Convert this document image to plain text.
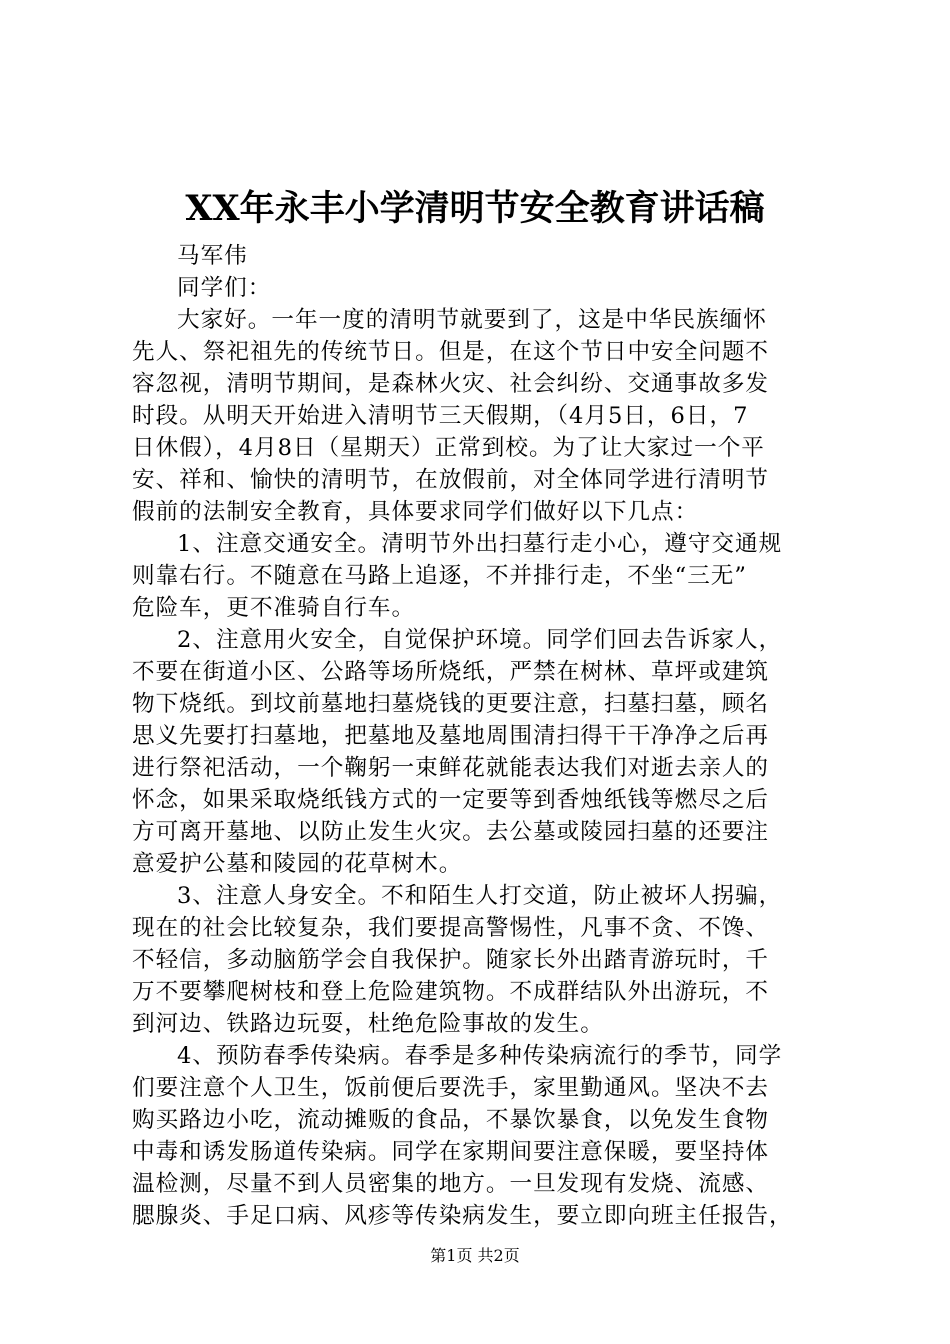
XX年永丰小学清明节安全教育讲话稿
马军伟
同学们：
大家好。一年一度的清明节就要到了，这是中华民族缅怀
先人、祭祀祖先的传统节日。但是，在这个节日中安全问题不
容忽视，清明节期间，是森林火灾、社会纠纷、交通事故多发
时段。从明天开始进入清明节三天假期，（4月5日，6日，7
日休假），4月8日（星期天）正常到校。为了让大家过一个平
安、祥和、愉快的清明节，在放假前，对全体同学进行清明节
假前的法制安全教育，具体要求同学们做好以下几点：
1、注意交通安全。清明节外出扫墓行走小心，遵守交通规
则靠右行。不随意在马路上追逐，不并排行走，不坐“三无”
危险车，更不准骑自行车。
2、注意用火安全，自觉保护环境。同学们回去告诉家人，
不要在街道小区、公路等场所烧纸，严禁在树林、草坪或建筑
物下烧纸。到坟前墓地扫墓烧钱的更要注意，扫墓扫墓，顾名
思义先要打扫墓地，把墓地及墓地周围清扫得干干净净之后再
进行祭祀活动，一个鞠躬一束鲜花就能表达我们对逝去亲人的
怀念，如果采取烧纸钱方式的一定要等到香烛纸钱等燃尽之后
方可离开墓地、以防止发生火灾。去公墓或陵园扫墓的还要注
意爱护公墓和陵园的花草树木。
3、注意人身安全。不和陌生人打交道，防止被坏人拐骗，
现在的社会比较复杂，我们要提高警惕性，凡事不贪、不馋、
不轻信，多动脑筋学会自我保护。随家长外出踏青游玩时，千
万不要攀爬树枝和登上危险建筑物。不成群结队外出游玩，不
到河边、铁路边玩耍，杜绝危险事故的发生。
4、预防春季传染病。春季是多种传染病流行的季节，同学
们要注意个人卫生，饭前便后要洗手，家里勤通风。坚决不去
购买路边小吃，流动摊贩的食品，不暴饮暴食，以免发生食物
中毒和诱发肠道传染病。同学在家期间要注意保暖，要坚持体
温检测，尽量不到人员密集的地方。一旦发现有发烧、流感、
腮腺炎、手足口病、风疹等传染病发生，要立即向班主任报告，
第1页 共2页
